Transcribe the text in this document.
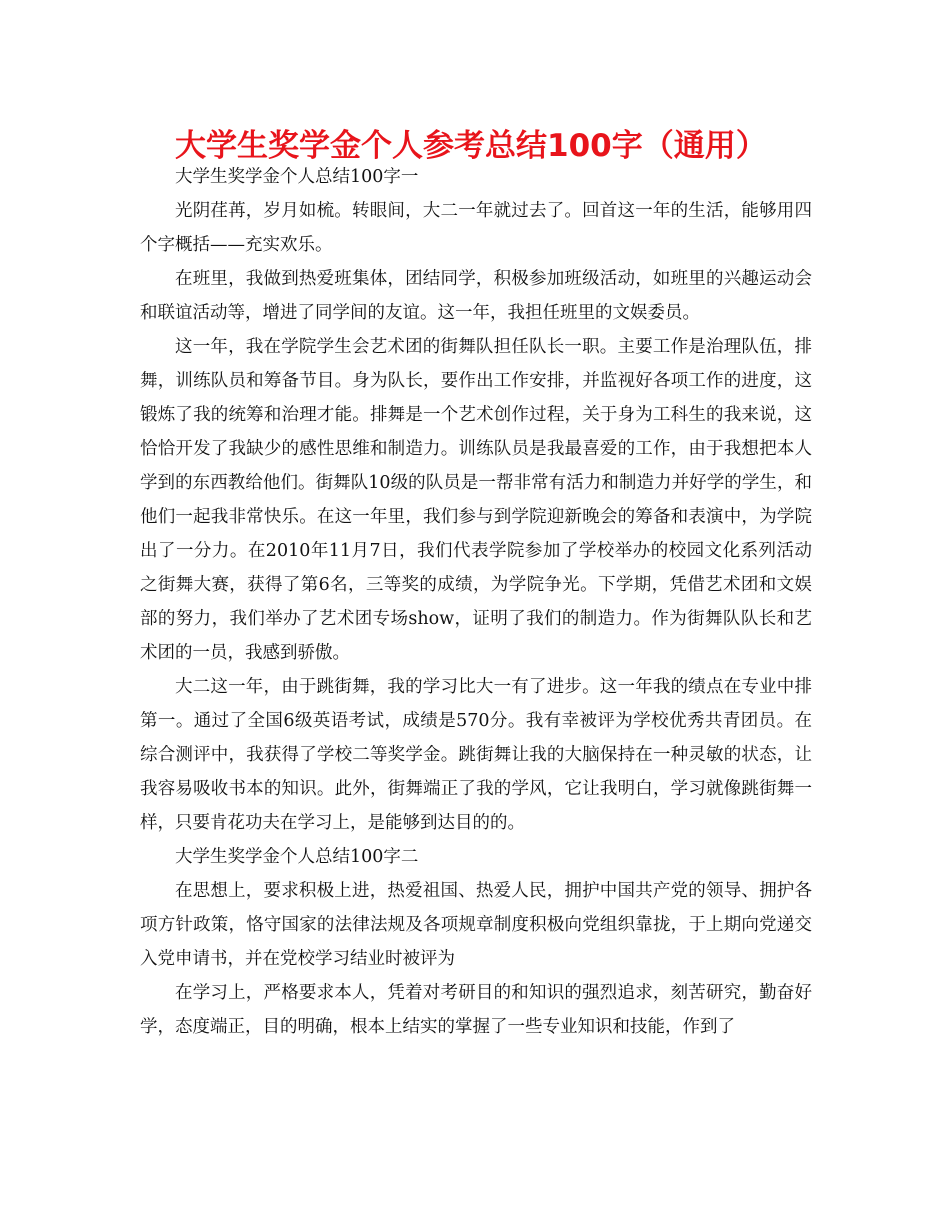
大学生奖学金个人参考总结100字（通用）

大学生奖学金个人总结100字一

光阴荏苒，岁月如梳。转眼间，大二一年就过去了。回首这一年的生活，能够用四个字概括——充实欢乐。

在班里，我做到热爱班集体，团结同学，积极参加班级活动，如班里的兴趣运动会和联谊活动等，增进了同学间的友谊。这一年，我担任班里的文娱委员。

这一年，我在学院学生会艺术团的街舞队担任队长一职。主要工作是治理队伍，排舞，训练队员和筹备节目。身为队长，要作出工作安排，并监视好各项工作的进度，这锻炼了我的统筹和治理才能。排舞是一个艺术创作过程，关于身为工科生的我来说，这恰恰开发了我缺少的感性思维和制造力。训练队员是我最喜爱的工作，由于我想把本人学到的东西教给他们。街舞队10级的队员是一帮非常有活力和制造力并好学的学生，和他们一起我非常快乐。在这一年里，我们参与到学院迎新晚会的筹备和表演中，为学院出了一分力。在2010年11月7日，我们代表学院参加了学校举办的校园文化系列活动之街舞大赛，获得了第6名，三等奖的成绩，为学院争光。下学期，凭借艺术团和文娱部的努力，我们举办了艺术团专场show，证明了我们的制造力。作为街舞队队长和艺术团的一员，我感到骄傲。

大二这一年，由于跳街舞，我的学习比大一有了进步。这一年我的绩点在专业中排第一。通过了全国6级英语考试，成绩是570分。我有幸被评为学校优秀共青团员。在综合测评中，我获得了学校二等奖学金。跳街舞让我的大脑保持在一种灵敏的状态，让我容易吸收书本的知识。此外，街舞端正了我的学风，它让我明白，学习就像跳街舞一样，只要肯花功夫在学习上，是能够到达目的的。

大学生奖学金个人总结100字二

在思想上，要求积极上进，热爱祖国、热爱人民，拥护中国共产党的领导、拥护各项方针政策，恪守国家的法律法规及各项规章制度积极向党组织靠拢，于上期向党递交入党申请书，并在党校学习结业时被评为

在学习上，严格要求本人，凭着对考研目的和知识的强烈追求，刻苦研究，勤奋好学，态度端正，目的明确，根本上结实的掌握了一些专业知识和技能，作到了
